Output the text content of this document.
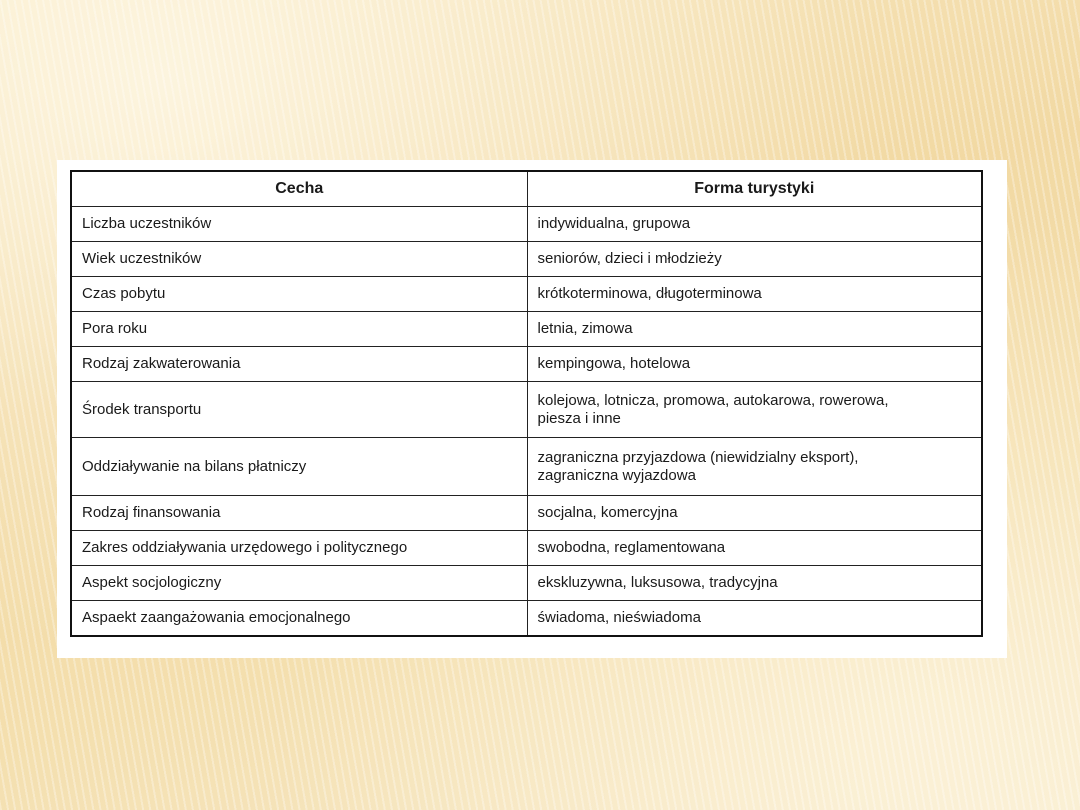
Cecha	Forma turystyki
Liczba uczestników	indywidualna, grupowa
Wiek uczestników	seniorów, dzieci i młodzieży
Czas pobytu	krótkoterminowa, długoterminowa
Pora roku	letnia, zimowa
Rodzaj zakwaterowania	kempingowa, hotelowa
Środek transportu	kolejowa, lotnicza, promowa, autokarowa, rowerowa, piesza i inne
Oddziaływanie na bilans płatniczy	zagraniczna przyjazdowa (niewidzialny eksport), zagraniczna wyjazdowa
Rodzaj finansowania	socjalna, komercyjna
Zakres oddziaływania urzędowego i politycznego	swobodna, reglamentowana
Aspekt socjologiczny	ekskluzywna, luksusowa, tradycyjna
Aspaekt zaangażowania emocjonalnego	świadoma, nieświadoma
